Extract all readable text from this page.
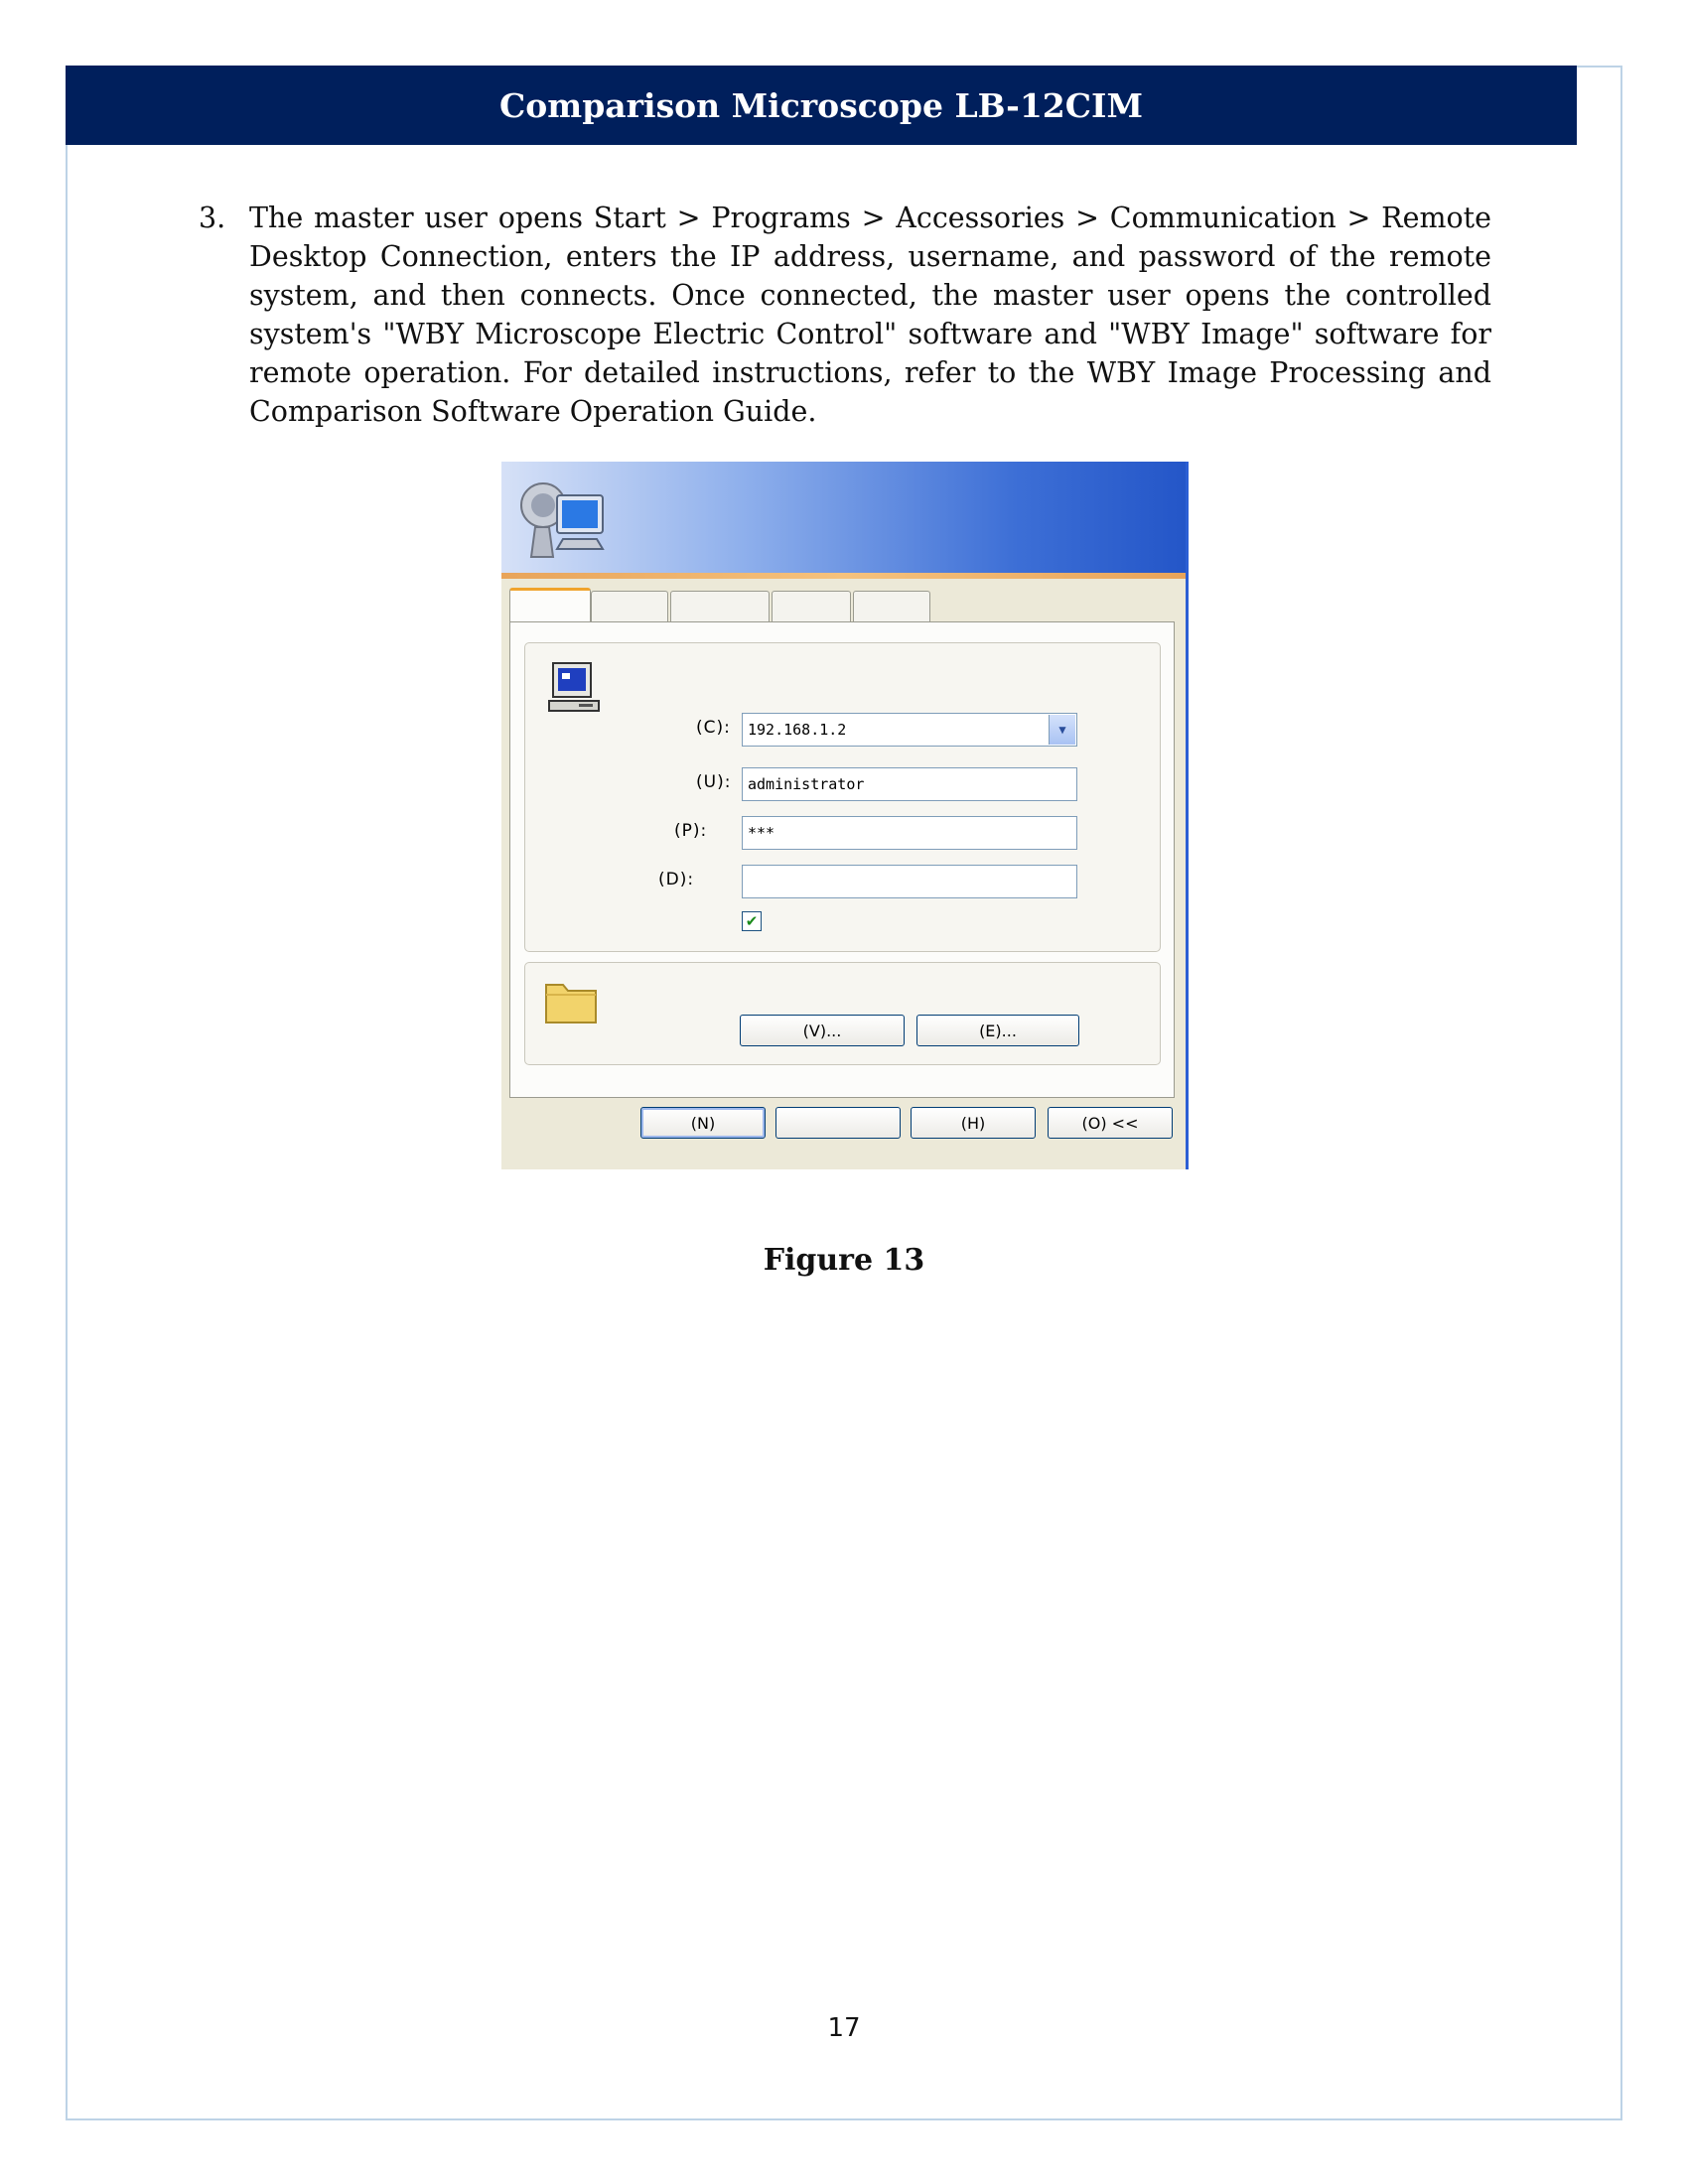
Comparison Microscope LB-12CIM
3. The master user opens Start > Programs > Accessories > Communication > Remote Desktop Connection, enters the IP address, username, and password of the remote system, and then connects. Once connected, the master user opens the controlled system's "WBY Microscope Electric Control" software and "WBY Image" software for remote operation. For detailed instructions, refer to the WBY Image Processing and Comparison Software Operation Guide.
(C):	192.168.1.2	▼
(U):	administrator
(P):	***
(D):
✔
(V)...	(E)...
(N)	(H)	(O) <<
Figure 13
17
